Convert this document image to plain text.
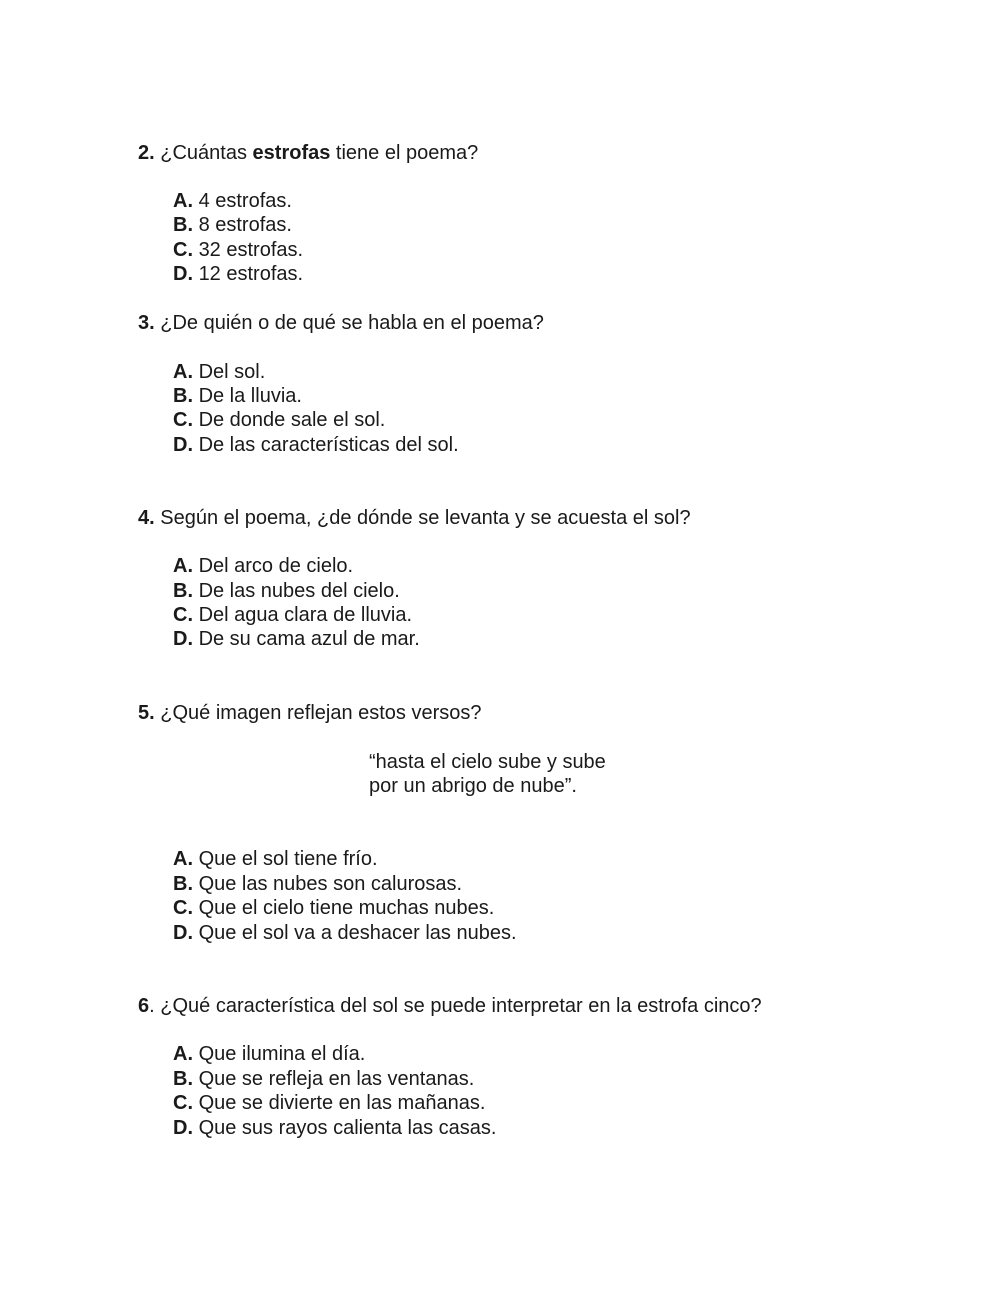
2. ¿Cuántas estrofas tiene el poema?
A. 4 estrofas.
B. 8 estrofas.
C. 32 estrofas.
D. 12 estrofas.
3. ¿De quién o de qué se habla en el poema?
A. Del sol.
B. De la lluvia.
C. De donde sale el sol.
D. De las características del sol.
4. Según el poema, ¿de dónde se levanta y se acuesta el sol?
A. Del arco de cielo.
B. De las nubes del cielo.
C. Del agua clara de lluvia.
D. De su cama azul de mar.
5. ¿Qué imagen reflejan estos versos?
“hasta el cielo sube y sube
por un abrigo de nube”.
A. Que el sol tiene frío.
B. Que las nubes son calurosas.
C. Que el cielo tiene muchas nubes.
D. Que el sol va a deshacer las nubes.
6. ¿Qué característica del sol se puede interpretar en la estrofa cinco?
A. Que ilumina el día.
B. Que se refleja en las ventanas.
C. Que se divierte en las mañanas.
D. Que sus rayos calienta las casas.
